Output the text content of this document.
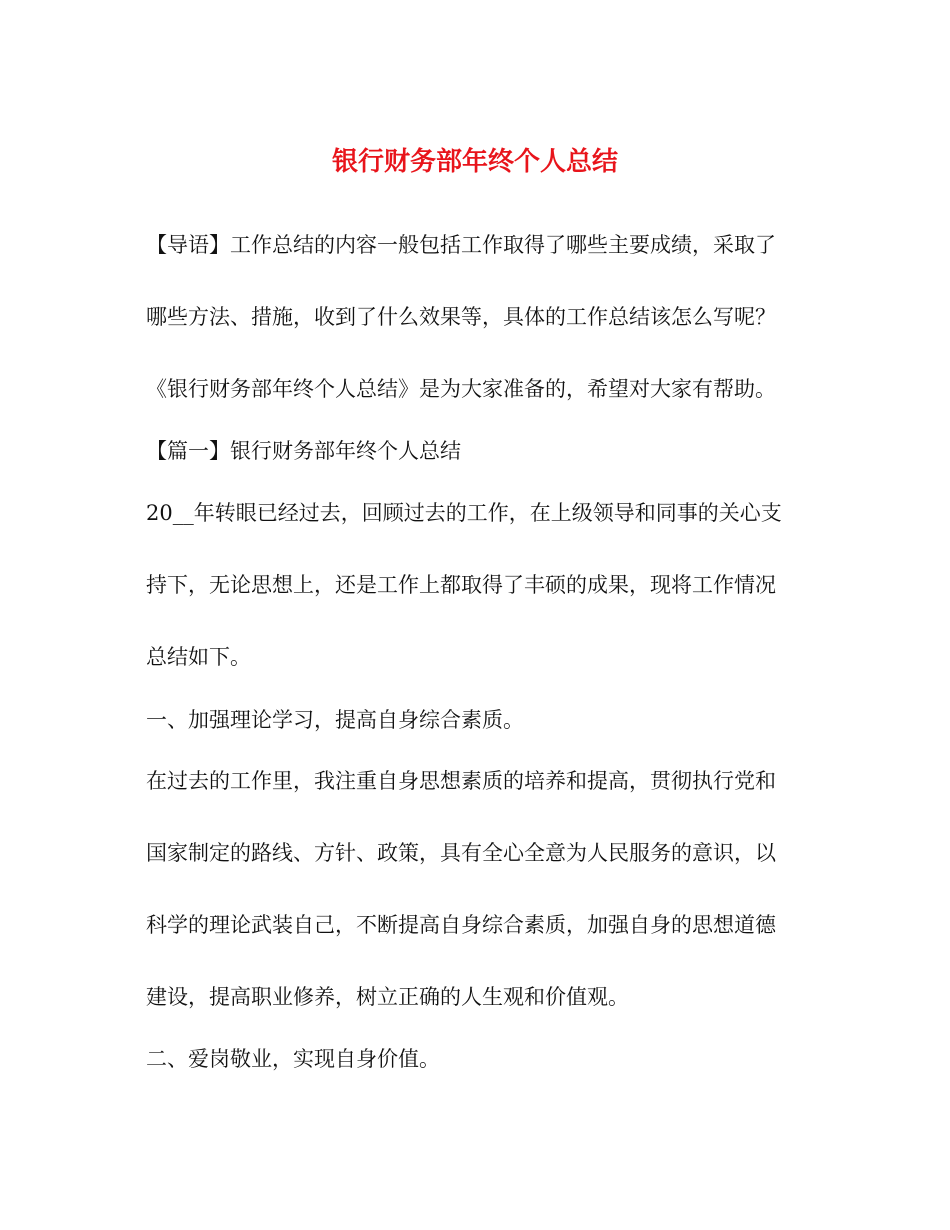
银行财务部年终个人总结
【导语】工作总结的内容一般包括工作取得了哪些主要成绩，采取了
哪些方法、措施，收到了什么效果等，具体的工作总结该怎么写呢？
《银行财务部年终个人总结》是为大家准备的，希望对大家有帮助。
【篇一】银行财务部年终个人总结
20__年转眼已经过去，回顾过去的工作，在上级领导和同事的关心支
持下，无论思想上，还是工作上都取得了丰硕的成果，现将工作情况
总结如下。
一、加强理论学习，提高自身综合素质。
在过去的工作里，我注重自身思想素质的培养和提高，贯彻执行党和
国家制定的路线、方针、政策，具有全心全意为人民服务的意识，以
科学的理论武装自己，不断提高自身综合素质，加强自身的思想道德
建设，提高职业修养，树立正确的人生观和价值观。
二、爱岗敬业，实现自身价值。
